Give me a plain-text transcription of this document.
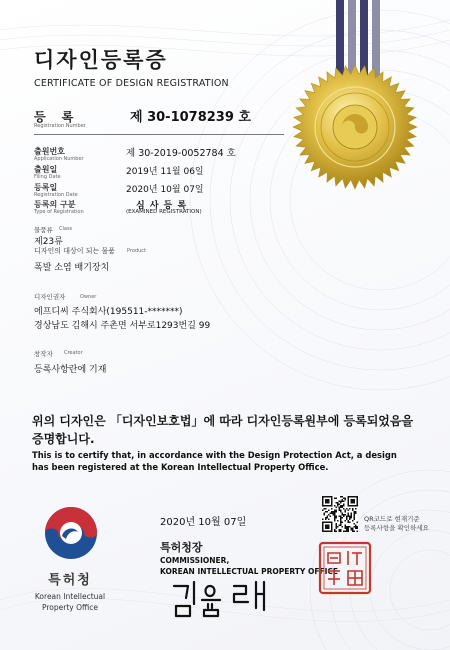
디자인등록증
CERTIFICATE OF DESIGN REGISTRATION
등 록
Registration Number
제 30-1078239 호
출원번호
Application Number	제 30-2019-0052784 호
출원일
Filing Date	2019년 11월 06일
등록일
Registration Date	2020년 10월 07일
등록의 구분
Type of Registration
심 사 등 록
(EXAMINED REGISTRATION)
물품류 Class
제23류
디자인의 대상이 되는 물품 Product
폭발 소염 배기장치
디자인권자	Owner
에프디씨 주식회사(195511-*******)
경상남도 김해시 주촌면 서부로1293번길 99
창작자 Creator
등록사항란에 기재
위의 디자인은 「디자인보호법」에 따라 디자인등록원부에 등록되었음을
증명합니다.
This is to certify that, in accordance with the Design Protection Act, a design
has been registered at the Korean Intellectual Property Office.
특허청
Korean Intellectual
Property Office
2020년 10월 07일
특허청장
COMMISSIONER,
KOREAN INTELLECTUAL PROPERTY OFFICE
QR코드로 현재기준
등록사항을 확인하세요
